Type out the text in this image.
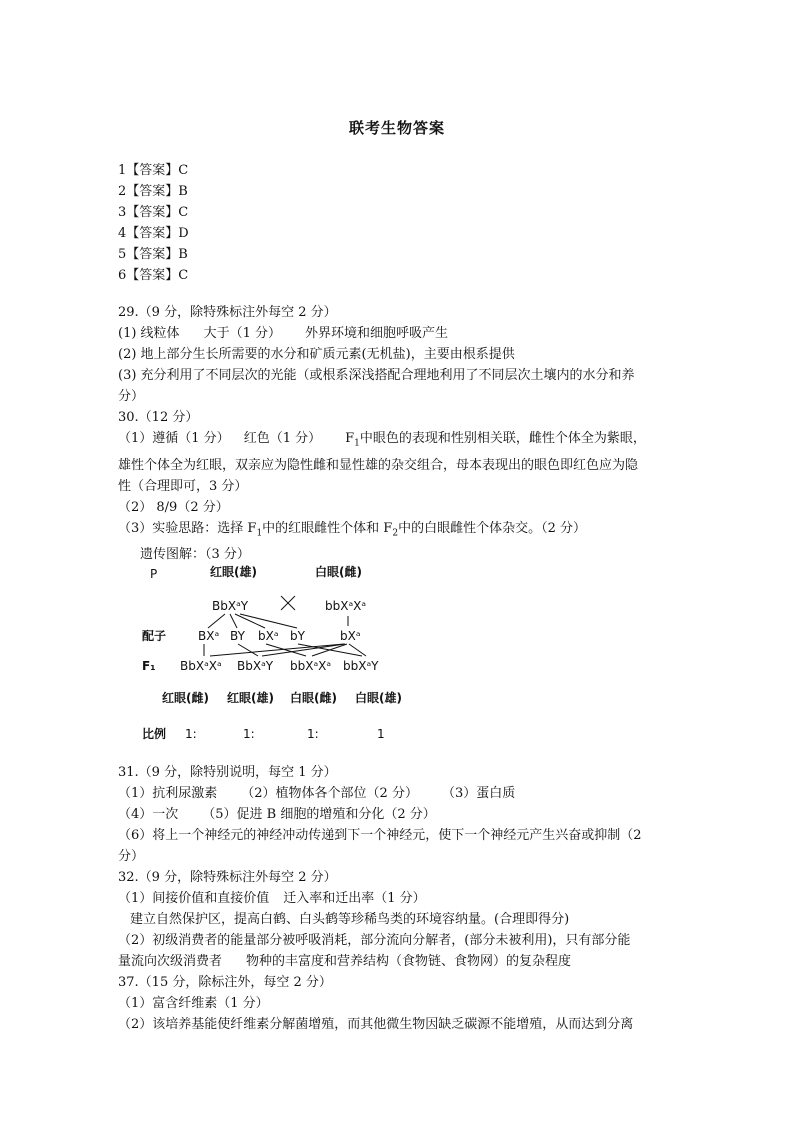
联考生物答案
1【答案】C
2【答案】B
3【答案】C
4【答案】D
5【答案】B
6【答案】C
29.（9 分，除特殊标注外每空 2 分）
(1) 线粒体 大于（1 分） 外界环境和细胞呼吸产生
(2) 地上部分生长所需要的水分和矿质元素(无机盐)，主要由根系提供
(3) 充分利用了不同层次的光能（或根系深浅搭配合理地利用了不同层次土壤内的水分和养
分）
30.（12 分）
（1）遵循（1 分） 红色（1 分） $F_1$中眼色的表现和性别相关联，雌性个体全为紫眼，
雄性个体全为红眼，双亲应为隐性雌和显性雄的杂交组合，母本表现出的眼色即红色应为隐
性（合理即可，3 分）
（2） 8/9（2 分）
（3）实验思路：选择 $F_1$中的红眼雌性个体和 $F_2$中的白眼雌性个体杂交。（2 分）
遗传图解：（3 分）
P	红眼(雄)	白眼(雌)
BbXᵃY	bbXᵃXᵃ
配子	BXᵃ BY bXᵃ bY	bXᵃ
F₁ BbXᵃXᵃ BbXᵃY bbXᵃXᵃ bbXᵃY
红眼(雌) 红眼(雄) 白眼(雌) 白眼(雄)
比例 1:	1:	1:	1
31.（9 分，除特别说明，每空 1 分）
（1）抗利尿激素 （2）植物体各个部位（2 分） （3）蛋白质
（4）一次 （5）促进 B 细胞的增殖和分化（2 分）
（6）将上一个神经元的神经冲动传递到下一个神经元，使下一个神经元产生兴奋或抑制（2
分）
32.（9 分，除特殊标注外每空 2 分）
（1）间接价值和直接价值 迁入率和迁出率（1 分）
建立自然保护区，提高白鹤、白头鹤等珍稀鸟类的环境容纳量。(合理即得分)
（2）初级消费者的能量部分被呼吸消耗，部分流向分解者，(部分未被利用)，只有部分能
量流向次级消费者 物种的丰富度和营养结构（食物链、食物网）的复杂程度
37.（15 分，除标注外，每空 2 分）
（1）富含纤维素（1 分）
（2）该培养基能使纤维素分解菌增殖，而其他微生物因缺乏碳源不能增殖，从而达到分离
